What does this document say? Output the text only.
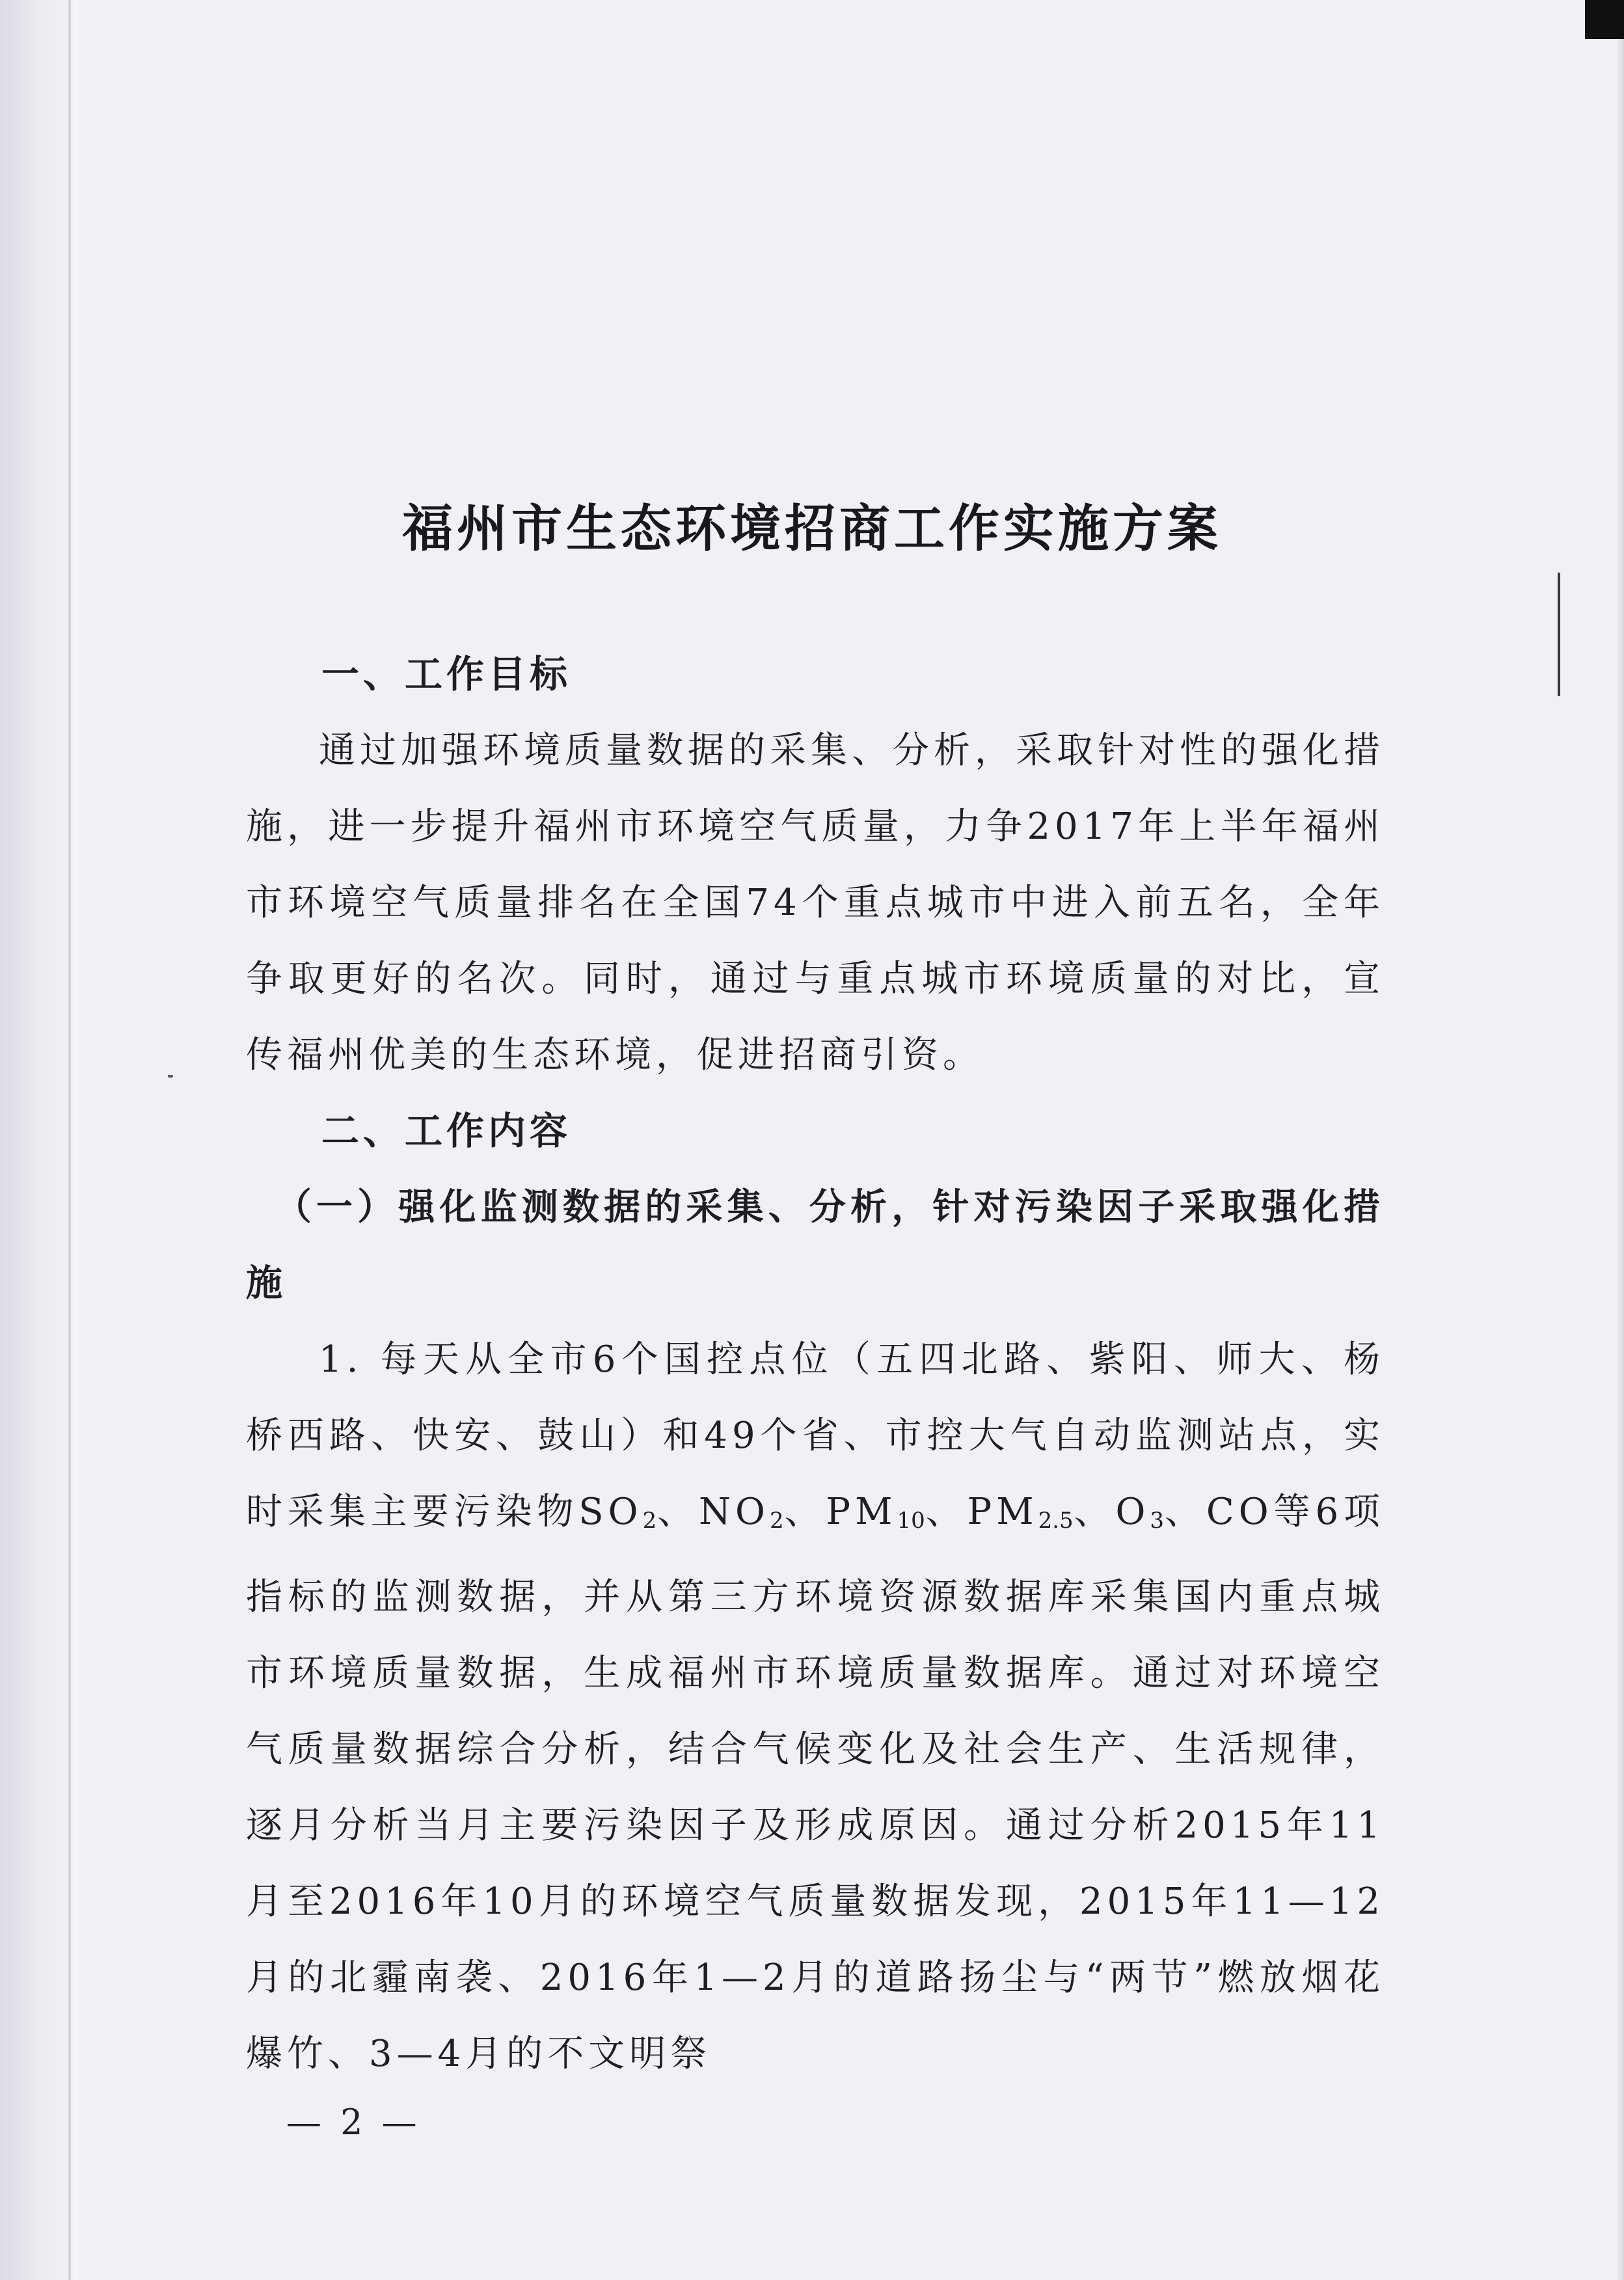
福州市生态环境招商工作实施方案

一、工作目标

通过加强环境质量数据的采集、分析，采取针对性的强化措施，进一步提升福州市环境空气质量，力争2017年上半年福州市环境空气质量排名在全国74个重点城市中进入前五名，全年争取更好的名次。同时，通过与重点城市环境质量的对比，宣传福州优美的生态环境，促进招商引资。

二、工作内容

（一）强化监测数据的采集、分析，针对污染因子采取强化措施

1. 每天从全市6个国控点位（五四北路、紫阳、师大、杨桥西路、快安、鼓山）和49个省、市控大气自动监测站点，实时采集主要污染物$SO_2$、$NO_2$、$PM_{10}$、$PM_{2.5}$、$O_3$、CO等6项指标的监测数据，并从第三方环境资源数据库采集国内重点城市环境质量数据，生成福州市环境质量数据库。通过对环境空气质量数据综合分析，结合气候变化及社会生产、生活规律，逐月分析当月主要污染因子及形成原因。通过分析2015年11月至2016年10月的环境空气质量数据发现，2015年11—12月的北霾南袭、2016年1—2月的道路扬尘与“两节”燃放烟花爆竹、3—4月的不文明祭

— 2 —
